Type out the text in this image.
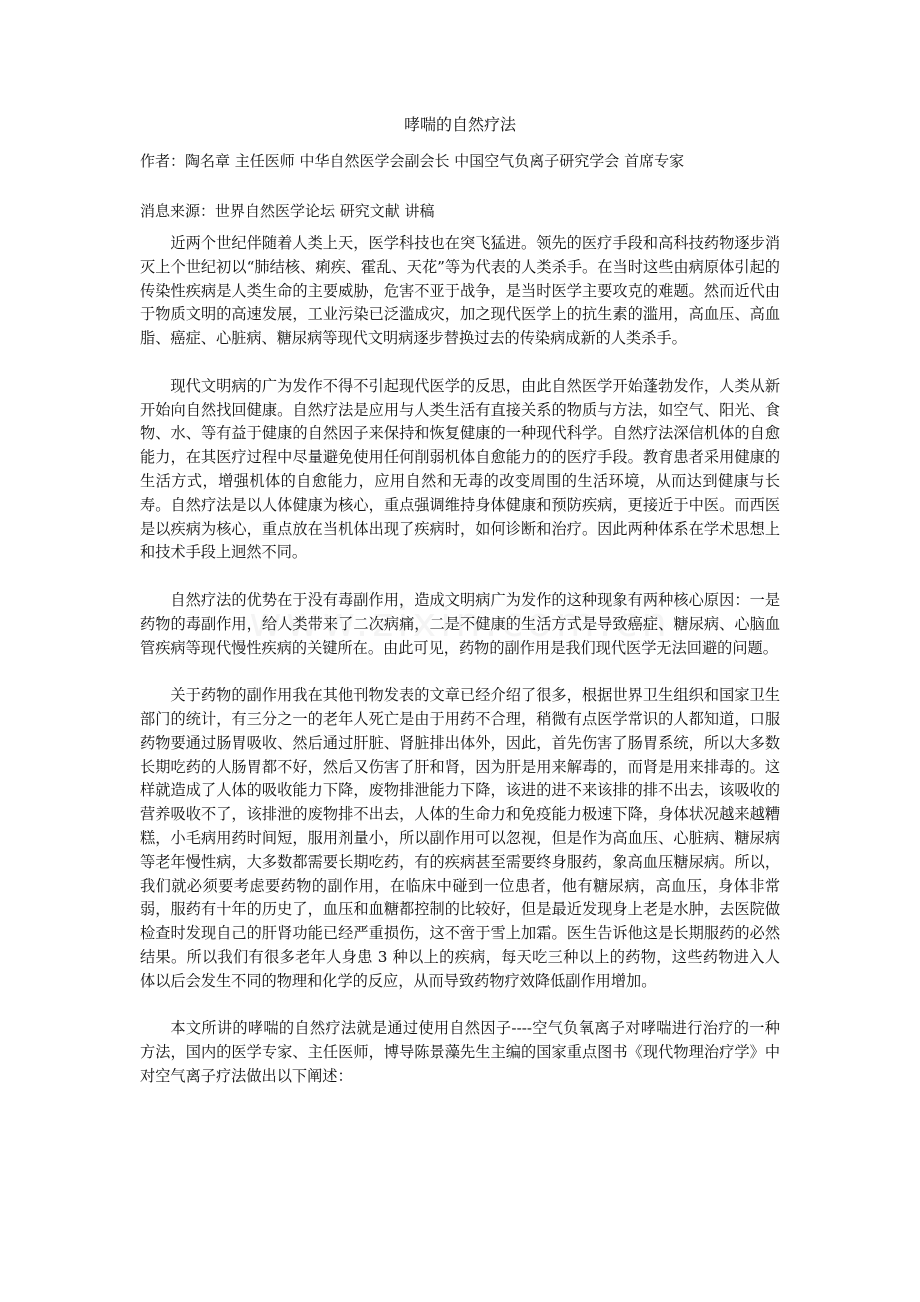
哮喘的自然疗法
作者：陶名章 主任医师 中华自然医学会副会长 中国空气负离子研究学会 首席专家
消息来源：世界自然医学论坛 研究文献 讲稿

近两个世纪伴随着人类上天，医学科技也在突飞猛进。领先的医疗手段和高科技药物逐步消灭上个世纪初以“肺结核、痢疾、霍乱、天花”等为代表的人类杀手。在当时这些由病原体引起的传染性疾病是人类生命的主要威胁，危害不亚于战争，是当时医学主要攻克的难题。然而近代由于物质文明的高速发展，工业污染已泛滥成灾，加之现代医学上的抗生素的滥用，高血压、高血脂、癌症、心脏病、糖尿病等现代文明病逐步替换过去的传染病成新的人类杀手。

现代文明病的广为发作不得不引起现代医学的反思，由此自然医学开始蓬勃发作，人类从新开始向自然找回健康。自然疗法是应用与人类生活有直接关系的物质与方法，如空气、阳光、食物、水、等有益于健康的自然因子来保持和恢复健康的一种现代科学。自然疗法深信机体的自愈能力，在其医疗过程中尽量避免使用任何削弱机体自愈能力的的医疗手段。教育患者采用健康的生活方式，增强机体的自愈能力，应用自然和无毒的改变周围的生活环境，从而达到健康与长寿。自然疗法是以人体健康为核心，重点强调维持身体健康和预防疾病，更接近于中医。而西医是以疾病为核心，重点放在当机体出现了疾病时，如何诊断和治疗。因此两种体系在学术思想上和技术手段上迥然不同。

自然疗法的优势在于没有毒副作用，造成文明病广为发作的这种现象有两种核心原因：一是药物的毒副作用，给人类带来了二次病痛，二是不健康的生活方式是导致癌症、糖尿病、心脑血管疾病等现代慢性疾病的关键所在。由此可见，药物的副作用是我们现代医学无法回避的问题。

关于药物的副作用我在其他刊物发表的文章已经介绍了很多，根据世界卫生组织和国家卫生部门的统计，有三分之一的老年人死亡是由于用药不合理，稍微有点医学常识的人都知道，口服药物要通过肠胃吸收、然后通过肝脏、肾脏排出体外，因此，首先伤害了肠胃系统，所以大多数长期吃药的人肠胃都不好，然后又伤害了肝和肾，因为肝是用来解毒的，而肾是用来排毒的。这样就造成了人体的吸收能力下降，废物排泄能力下降，该进的进不来该排的排不出去，该吸收的营养吸收不了，该排泄的废物排不出去，人体的生命力和免疫能力极速下降，身体状况越来越糟糕，小毛病用药时间短，服用剂量小，所以副作用可以忽视，但是作为高血压、心脏病、糖尿病等老年慢性病，大多数都需要长期吃药，有的疾病甚至需要终身服药，象高血压糖尿病。所以，我们就必须要考虑要药物的副作用，在临床中碰到一位患者，他有糖尿病，高血压，身体非常弱，服药有十年的历史了，血压和血糖都控制的比较好，但是最近发现身上老是水肿，去医院做检查时发现自己的肝肾功能已经严重损伤，这不啻于雪上加霜。医生告诉他这是长期服药的必然结果。所以我们有很多老年人身患 3 种以上的疾病，每天吃三种以上的药物，这些药物进入人体以后会发生不同的物理和化学的反应，从而导致药物疗效降低副作用增加。

本文所讲的哮喘的自然疗法就是通过使用自然因子----空气负氧离子对哮喘进行治疗的一种方法，国内的医学专家、主任医师，博导陈景藻先生主编的国家重点图书《现代物理治疗学》中对空气离子疗法做出以下阐述：
